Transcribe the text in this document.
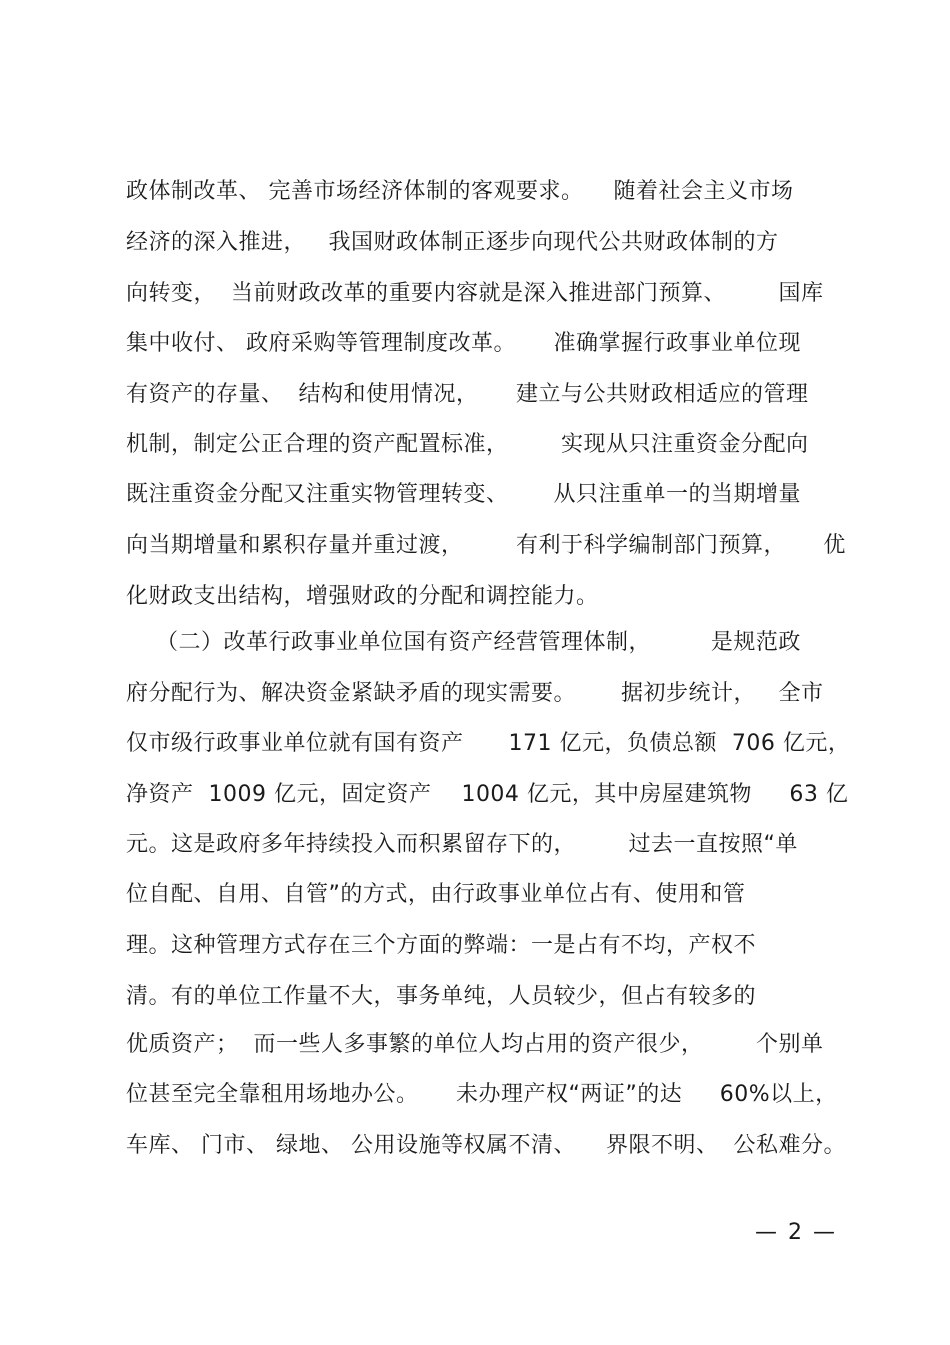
政体制改革、 完善市场经济体制的客观要求。    随着社会主义市场
经济的深入推进，   我国财政体制正逐步向现代公共财政体制的方
向转变，  当前财政改革的重要内容就是深入推进部门预算、       国库
集中收付、 政府采购等管理制度改革。     准确掌握行政事业单位现
有资产的存量、  结构和使用情况，     建立与公共财政相适应的管理
机制，制定公正合理的资产配置标准，       实现从只注重资金分配向
既注重资金分配又注重实物管理转变、      从只注重单一的当期增量
向当期增量和累积存量并重过渡，       有利于科学编制部门预算，     优
化财政支出结构，增强财政的分配和调控能力。
（二）改革行政事业单位国有资产经营管理体制，        是规范政
府分配行为、解决资金紧缺矛盾的现实需要。      据初步统计，   全市
仅市级行政事业单位就有国有资产      171 亿元，负债总额  706 亿元，
净资产  1009 亿元，固定资产    1004 亿元，其中房屋建筑物     63 亿
元。这是政府多年持续投入而积累留存下的，       过去一直按照“单
位自配、自用、自管”的方式，由行政事业单位占有、使用和管
理。这种管理方式存在三个方面的弊端：一是占有不均，产权不
清。有的单位工作量不大，事务单纯，人员较少，但占有较多的
优质资产；  而一些人多事繁的单位人均占用的资产很少，       个别单
位甚至完全靠租用场地办公。     未办理产权“两证”的达     60%以上，
车库、 门市、 绿地、 公用设施等权属不清、    界限不明、  公私难分。
— 2 —
